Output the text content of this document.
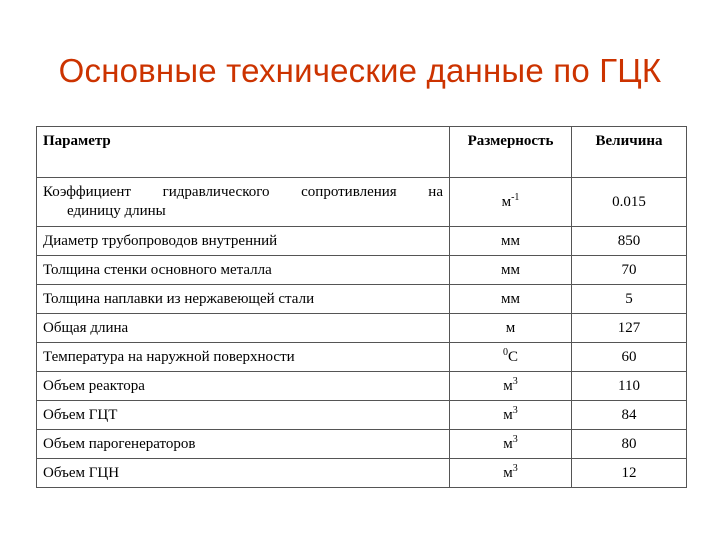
Основные технические данные по ГЦК
Параметр	Размерность	Величина

Коэффициент гидравлического сопротивления на
единицу длины	$м^{-1}$	0.015
Диаметр трубопроводов внутренний	мм	850
Толщина стенки основного металла	мм	70
Толщина наплавки из нержавеющей стали	мм	5
Общая длина	м	127
Температура на наружной поверхности	$^0$С	60
Объем реактора	$м^3$	110
Объем ГЦТ	$м^3$	84
Объем парогенераторов	$м^3$	80
Объем ГЦН	$м^3$	12
